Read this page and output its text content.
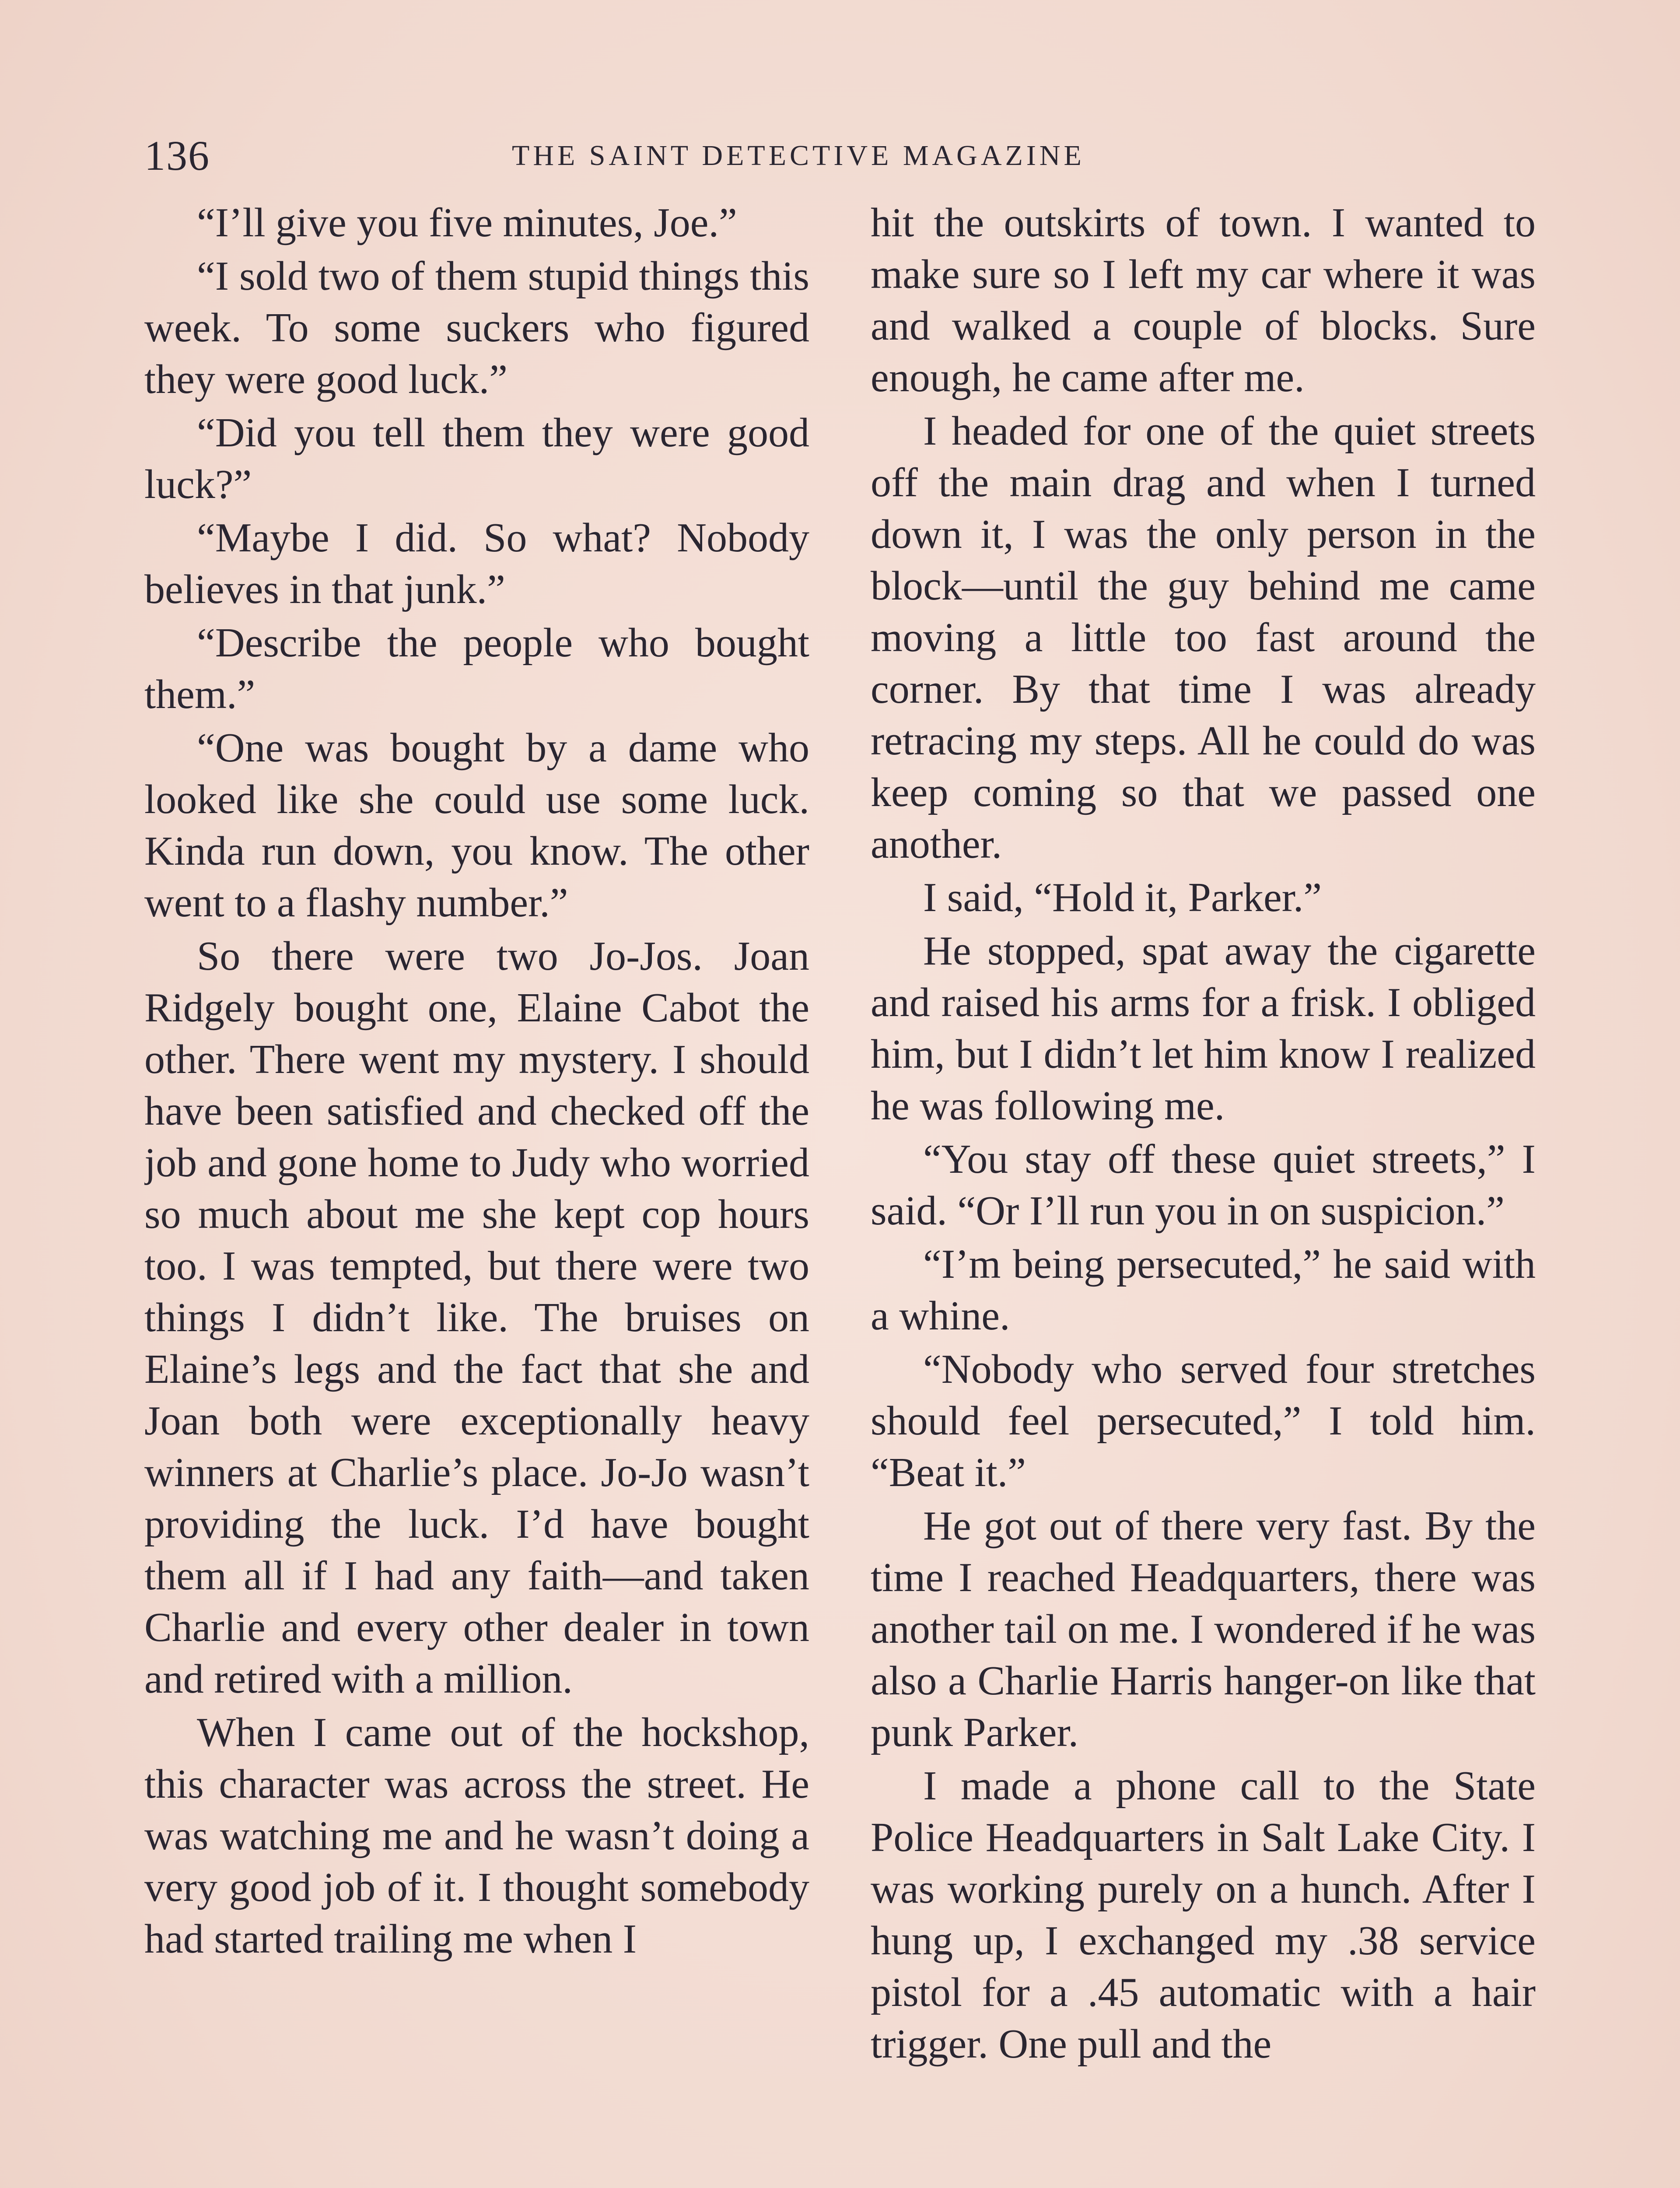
136	THE SAINT DETECTIVE MAGAZINE

“I’ll give you five minutes, Joe.”

“I sold two of them stupid things this week. To some suckers who figured they were good luck.”

“Did you tell them they were good luck?”

“Maybe I did. So what? Nobody believes in that junk.”

“Describe the people who bought them.”

“One was bought by a dame who looked like she could use some luck. Kinda run down, you know. The other went to a flashy number.”

So there were two Jo-Jos. Joan Ridgely bought one, Elaine Cabot the other. There went my mystery. I should have been satisfied and checked off the job and gone home to Judy who worried so much about me she kept cop hours too. I was tempted, but there were two things I didn’t like. The bruises on Elaine’s legs and the fact that she and Joan both were exceptionally heavy winners at Charlie’s place. Jo-Jo wasn’t providing the luck. I’d have bought them all if I had any faith—and taken Charlie and every other dealer in town and retired with a million.

When I came out of the hockshop, this character was across the street. He was watching me and he wasn’t doing a very good job of it. I thought somebody had started trailing me when I

hit the outskirts of town. I wanted to make sure so I left my car where it was and walked a couple of blocks. Sure enough, he came after me.

I headed for one of the quiet streets off the main drag and when I turned down it, I was the only person in the block—until the guy behind me came moving a little too fast around the corner. By that time I was already retracing my steps. All he could do was keep coming so that we passed one another.

I said, “Hold it, Parker.”

He stopped, spat away the cigarette and raised his arms for a frisk. I obliged him, but I didn’t let him know I realized he was following me.

“You stay off these quiet streets,” I said. “Or I’ll run you in on suspicion.”

“I’m being persecuted,” he said with a whine.

“Nobody who served four stretches should feel persecuted,” I told him. “Beat it.”

He got out of there very fast. By the time I reached Headquarters, there was another tail on me. I wondered if he was also a Charlie Harris hanger-on like that punk Parker.

I made a phone call to the State Police Headquarters in Salt Lake City. I was working purely on a hunch. After I hung up, I exchanged my .38 service pistol for a .45 automatic with a hair trigger. One pull and the
